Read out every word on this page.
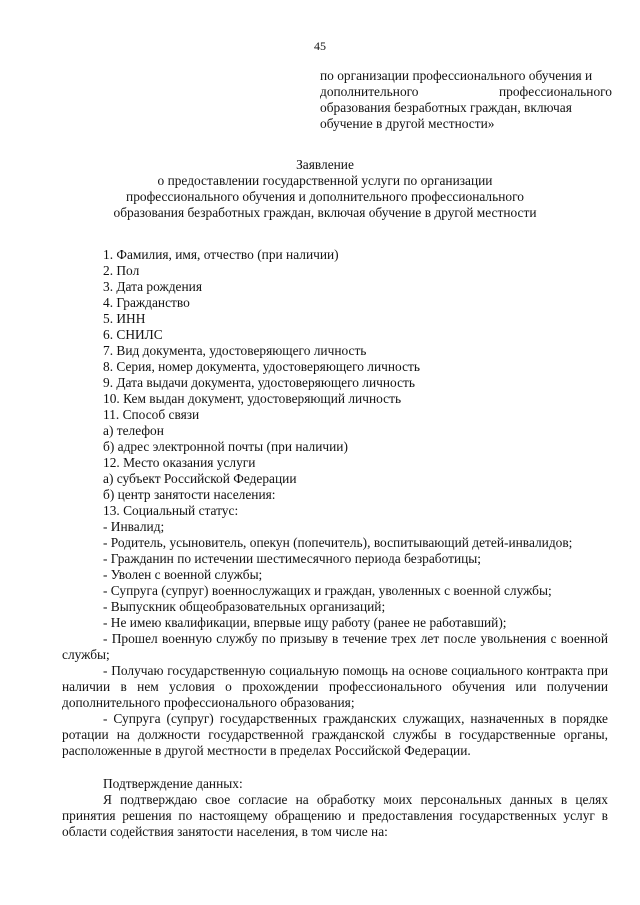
45
по организации профессионального обучения и
дополнительного	профессионального
образования безработных граждан, включая
обучение в другой местности»
Заявление
о предоставлении государственной услуги по организации
профессионального обучения и дополнительного профессионального
образования безработных граждан, включая обучение в другой местности
1. Фамилия, имя, отчество (при наличии)
2. Пол
3. Дата рождения
4. Гражданство
5. ИНН
6. СНИЛС
7. Вид документа, удостоверяющего личность
8. Серия, номер документа, удостоверяющего личность
9. Дата выдачи документа, удостоверяющего личность
10. Кем выдан документ, удостоверяющий личность
11. Способ связи
а) телефон
б) адрес электронной почты (при наличии)
12. Место оказания услуги
а) субъект Российской Федерации
б) центр занятости населения:
13. Социальный статус:
- Инвалид;
- Родитель, усыновитель, опекун (попечитель), воспитывающий детей-инвалидов;
- Гражданин по истечении шестимесячного периода безработицы;
- Уволен с военной службы;
- Супруга (супруг) военнослужащих и граждан, уволенных с военной службы;
- Выпускник общеобразовательных организаций;
- Не имею квалификации, впервые ищу работу (ранее не работавший);
- Прошел военную службу по призыву в течение трех лет после увольнения с военной службы;
- Получаю государственную социальную помощь на основе социального контракта при наличии в нем условия о прохождении профессионального обучения или получении дополнительного профессионального образования;
- Супруга (супруг) государственных гражданских служащих, назначенных в порядке ротации на должности государственной гражданской службы в государственные органы, расположенные в другой местности в пределах Российской Федерации.
Подтверждение данных:
Я подтверждаю свое согласие на обработку моих персональных данных в целях принятия решения по настоящему обращению и предоставления государственных услуг в области содействия занятости населения, в том числе на:
